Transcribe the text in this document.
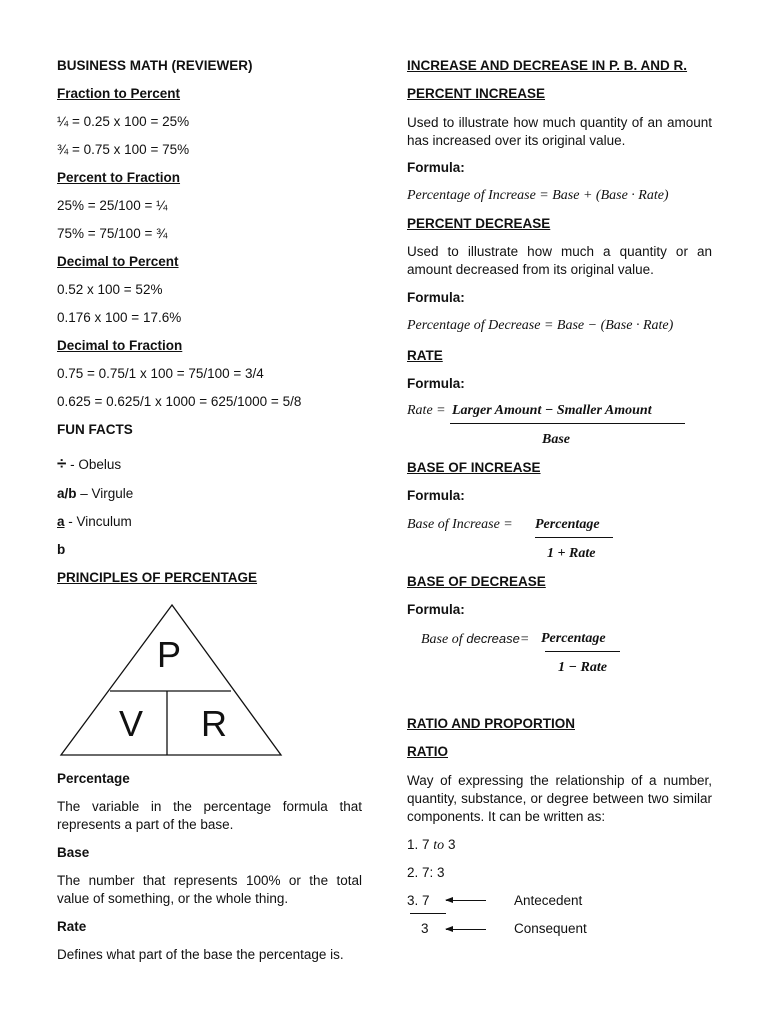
BUSINESS MATH (REVIEWER)
Fraction to Percent
¼ = 0.25 x 100 = 25%
¾ = 0.75 x 100 = 75%
Percent to Fraction
25% = 25/100 = ¼
75% = 75/100 = ¾
Decimal to Percent
0.52 x 100 = 52%
0.176 x 100 = 17.6%
Decimal to Fraction
0.75 = 0.75/1 x 100 = 75/100 = 3/4
0.625 = 0.625/1 x 1000 = 625/1000 = 5/8
FUN FACTS
÷ - Obelus
a/b – Virgule
a - Vinculum
b
PRINCIPLES OF PERCENTAGE
P
V R
Percentage
The variable in the percentage formula that represents a part of the base.
Base
The number that represents 100% or the total value of something, or the whole thing.
Rate
Defines what part of the base the percentage is.
INCREASE AND DECREASE IN P. B. AND R.
PERCENT INCREASE
Used to illustrate how much quantity of an amount has increased over its original value.
Formula:
Percentage of Increase = Base + (Base · Rate)
PERCENT DECREASE
Used to illustrate how much a quantity or an amount decreased from its original value.
Formula:
Percentage of Decrease = Base − (Base · Rate)
RATE
Formula:
Rate = Larger Amount − Smaller Amount
Base
BASE OF INCREASE
Formula:
Base of Increase = Percentage
1 + Rate
BASE OF DECREASE
Formula:
Base of decrease= Percentage
1 − Rate
RATIO AND PROPORTION
RATIO
Way of expressing the relationship of a number, quantity, substance, or degree between two similar components. It can be written as:
1. 7 to 3
2. 7: 3
3. 7
3
Antecedent
Consequent
